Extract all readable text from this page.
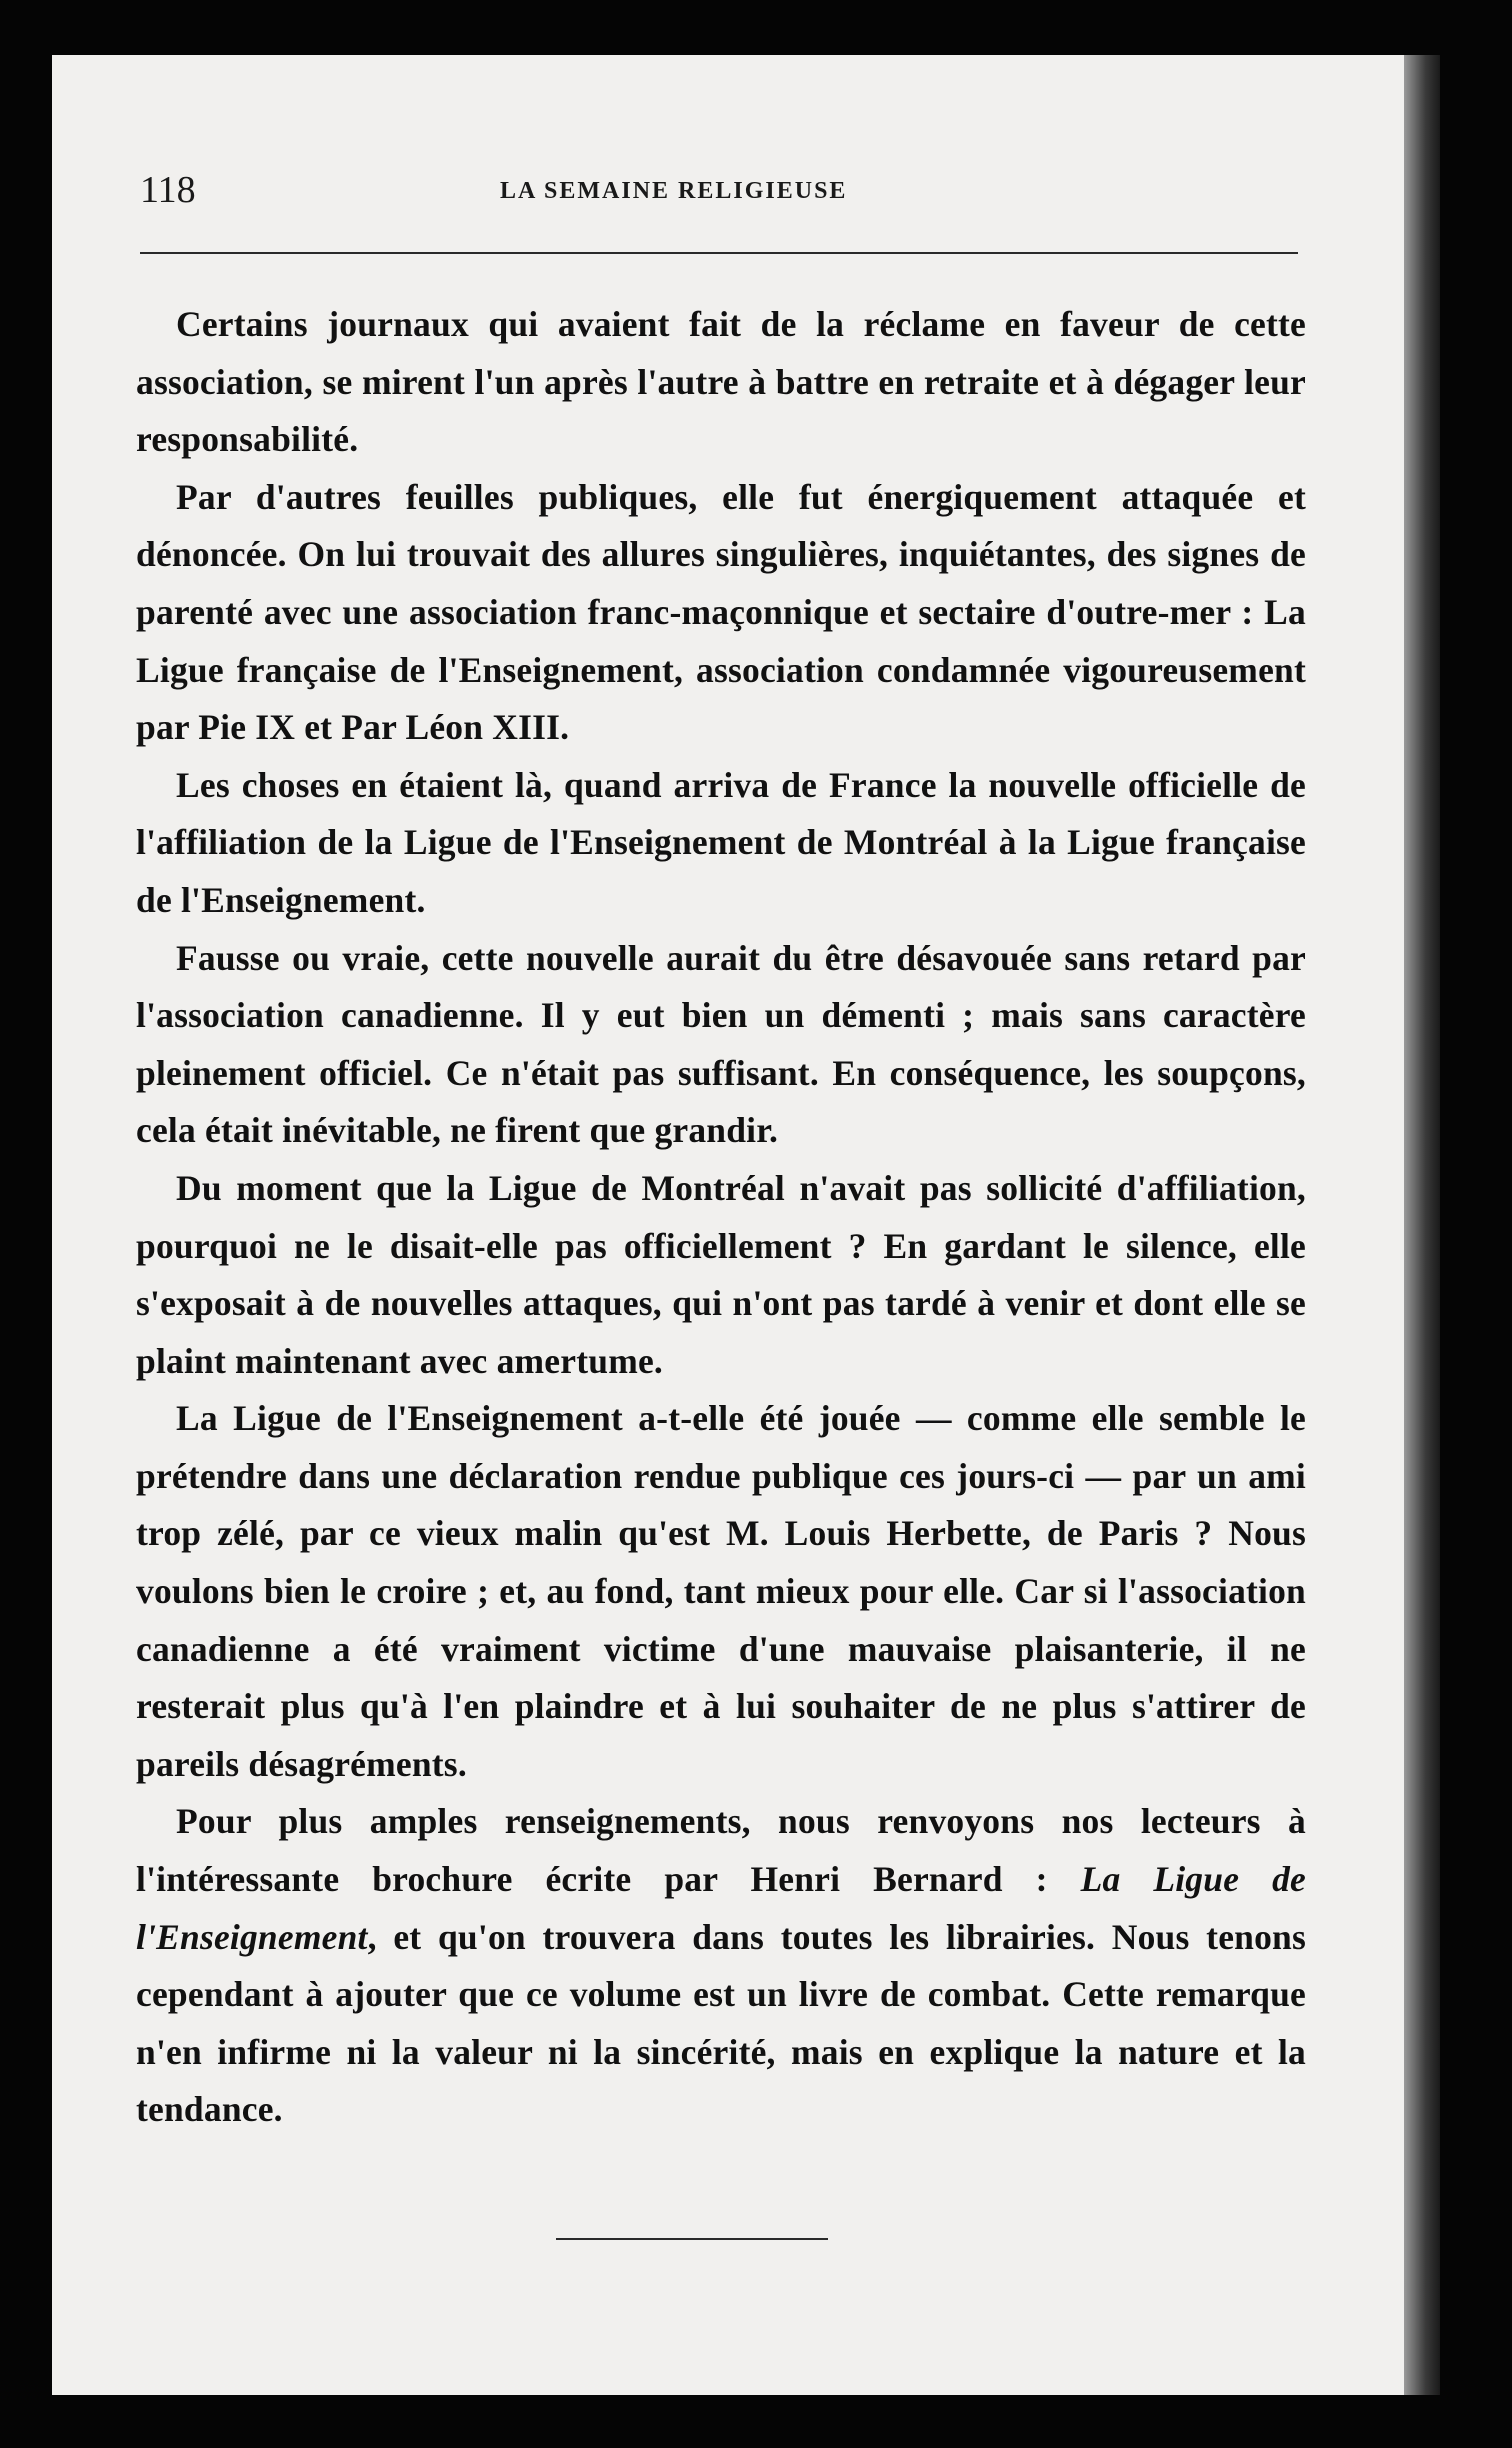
118	LA SEMAINE RELIGIEUSE

Certains journaux qui avaient fait de la réclame en faveur de cette association, se mirent l'un après l'autre à battre en retraite et à dégager leur responsabilité.

Par d'autres feuilles publiques, elle fut énergiquement attaquée et dénoncée. On lui trouvait des allures singulières, inquiétantes, des signes de parenté avec une association franc-maçonnique et sectaire d'outre-mer : La Ligue française de l'Enseignement, association condamnée vigoureusement par Pie IX et Par Léon XIII.

Les choses en étaient là, quand arriva de France la nouvelle officielle de l'affiliation de la Ligue de l'Enseignement de Montréal à la Ligue française de l'Enseignement.

Fausse ou vraie, cette nouvelle aurait du être désavouée sans retard par l'association canadienne. Il y eut bien un démenti ; mais sans caractère pleinement officiel. Ce n'était pas suffisant. En conséquence, les soupçons, cela était inévitable, ne firent que grandir.

Du moment que la Ligue de Montréal n'avait pas sollicité d'affiliation, pourquoi ne le disait-elle pas officiellement ? En gardant le silence, elle s'exposait à de nouvelles attaques, qui n'ont pas tardé à venir et dont elle se plaint maintenant avec amertume.

La Ligue de l'Enseignement a-t-elle été jouée — comme elle semble le prétendre dans une déclaration rendue publique ces jours-ci — par un ami trop zélé, par ce vieux malin qu'est M. Louis Herbette, de Paris ? Nous voulons bien le croire ; et, au fond, tant mieux pour elle. Car si l'association canadienne a été vraiment victime d'une mauvaise plaisanterie, il ne resterait plus qu'à l'en plaindre et à lui souhaiter de ne plus s'attirer de pareils désagréments.

Pour plus amples renseignements, nous renvoyons nos lecteurs à l'intéressante brochure écrite par Henri Bernard : La Ligue de l'Enseignement, et qu'on trouvera dans toutes les librairies. Nous tenons cependant à ajouter que ce volume est un livre de combat. Cette remarque n'en infirme ni la valeur ni la sincérité, mais en explique la nature et la tendance.
